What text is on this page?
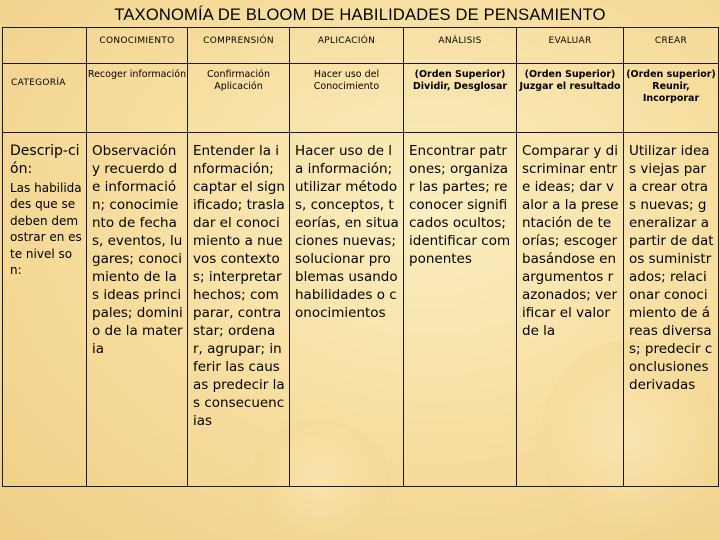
TAXONOMÍA DE BLOOM DE HABILIDADES DE PENSAMIENTO
	CONOCIMIENTO	COMPRENSIÓN	APLICACIÓN	ANÁLISIS	EVALUAR	CREAR
CATEGORÍA	Recoger información	Confirmación Aplicación	Hacer uso del Conocimiento	(Orden Superior) Dividir, Desglosar	(Orden Superior) Juzgar el resultado	(Orden superior) Reunir, Incorporar

Descrip-ción:
Las habilidades que se deben demostrar en este nivel son:	Observación y recuerdo de información; conocimiento de fechas, eventos, lugares; conocimiento de las ideas principales; dominio de la materia	Entender la información; captar el significado; trasladar el conocimiento a nuevos contextos; interpretar hechos; comparar, contrastar; ordenar, agrupar; inferir las causas predecir las consecuencias	Hacer uso de la información; utilizar métodos, conceptos, teorías, en situaciones nuevas; solucionar problemas usando habilidades o conocimientos	Encontrar patrones; organizar las partes; reconocer significados ocultos; identificar componentes	Comparar y discriminar entre ideas; dar valor a la presentación de teorías; escoger basándose en argumentos razonados; verificar el valor de la	Utilizar ideas viejas para crear otras nuevas; generalizar a partir de datos suministrados; relacionar conocimiento de áreas diversas; predecir conclusiones derivadas
